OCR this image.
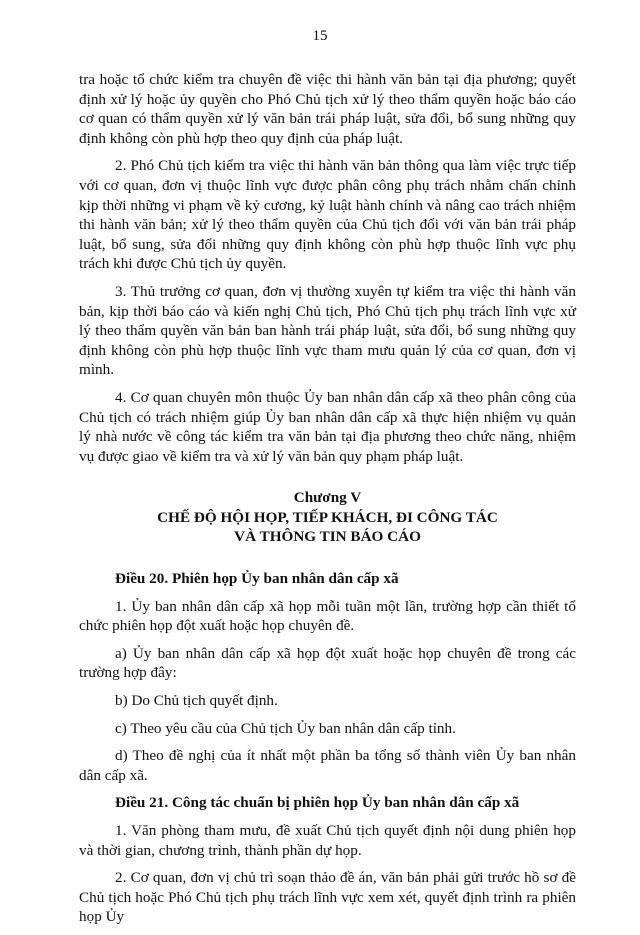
15

tra hoặc tổ chức kiểm tra chuyên đề việc thi hành văn bản tại địa phương; quyết định xử lý hoặc ủy quyền cho Phó Chủ tịch xử lý theo thẩm quyền hoặc báo cáo cơ quan có thẩm quyền xử lý văn bản trái pháp luật, sửa đổi, bổ sung những quy định không còn phù hợp theo quy định của pháp luật.

2. Phó Chủ tịch kiểm tra việc thi hành văn bản thông qua làm việc trực tiếp với cơ quan, đơn vị thuộc lĩnh vực được phân công phụ trách nhằm chấn chỉnh kịp thời những vi phạm về kỷ cương, kỷ luật hành chính và nâng cao trách nhiệm thi hành văn bản; xử lý theo thẩm quyền của Chủ tịch đối với văn bản trái pháp luật, bổ sung, sửa đổi những quy định không còn phù hợp thuộc lĩnh vực phụ trách khi được Chủ tịch ủy quyền.

3. Thủ trưởng cơ quan, đơn vị thường xuyên tự kiểm tra việc thi hành văn bản, kịp thời báo cáo và kiến nghị Chủ tịch, Phó Chủ tịch phụ trách lĩnh vực xử lý theo thẩm quyền văn bản ban hành trái pháp luật, sửa đổi, bổ sung những quy định không còn phù hợp thuộc lĩnh vực tham mưu quản lý của cơ quan, đơn vị mình.

4. Cơ quan chuyên môn thuộc Ủy ban nhân dân cấp xã theo phân công của Chủ tịch có trách nhiệm giúp Ủy ban nhân dân cấp xã thực hiện nhiệm vụ quản lý nhà nước về công tác kiểm tra văn bản tại địa phương theo chức năng, nhiệm vụ được giao về kiểm tra và xử lý văn bản quy phạm pháp luật.

Chương V
CHẾ ĐỘ HỘI HỌP, TIẾP KHÁCH, ĐI CÔNG TÁC
VÀ THÔNG TIN BÁO CÁO

Điều 20. Phiên họp Ủy ban nhân dân cấp xã

1. Ủy ban nhân dân cấp xã họp mỗi tuần một lần, trường hợp cần thiết tổ chức phiên họp đột xuất hoặc họp chuyên đề.

a) Ủy ban nhân dân cấp xã họp đột xuất hoặc họp chuyên đề trong các trường hợp đây:

b) Do Chủ tịch quyết định.

c) Theo yêu cầu của Chủ tịch Ủy ban nhân dân cấp tỉnh.

d) Theo đề nghị của ít nhất một phần ba tổng số thành viên Ủy ban nhân dân cấp xã.

Điều 21. Công tác chuẩn bị phiên họp Ủy ban nhân dân cấp xã

1. Văn phòng tham mưu, đề xuất Chủ tịch quyết định nội dung phiên họp và thời gian, chương trình, thành phần dự họp.

2. Cơ quan, đơn vị chủ trì soạn thảo đề án, văn bản phải gửi trước hồ sơ đề Chủ tịch hoặc Phó Chủ tịch phụ trách lĩnh vực xem xét, quyết định trình ra phiên họp Ủy
